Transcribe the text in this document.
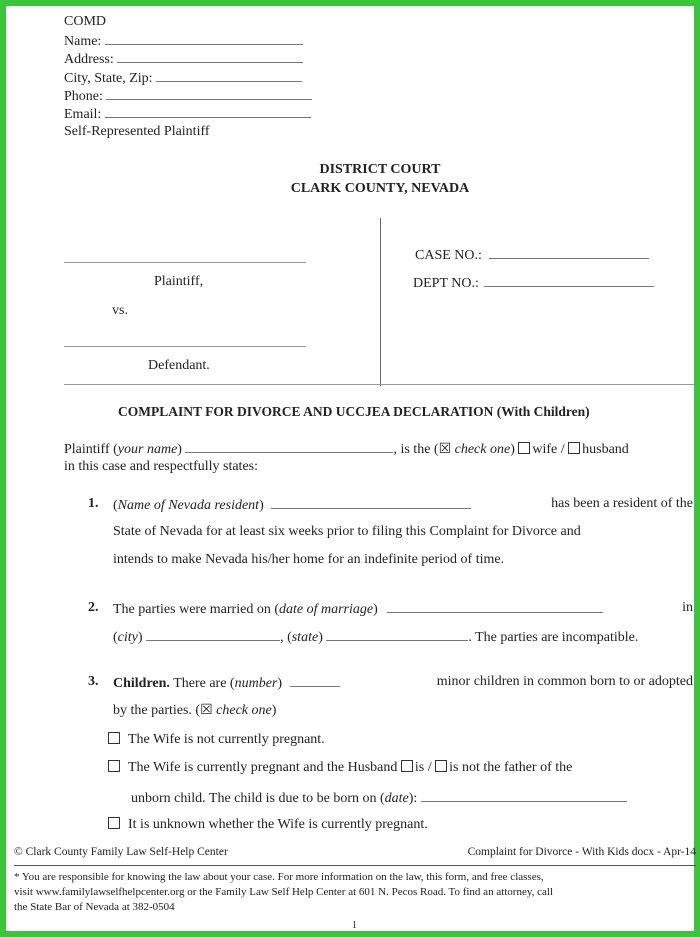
COMD
Name:
Address:
City, State, Zip:
Phone:
Email:
Self-Represented Plaintiff
DISTRICT COURT
CLARK COUNTY, NEVADA
Plaintiff,
vs.
Defendant.
CASE NO.:
DEPT NO.:
COMPLAINT FOR DIVORCE AND UCCJEA DECLARATION (With Children)
Plaintiff (your name)	, is the (☒ check one) wife / husband
in this case and respectfully states:
1. (Name of Nevada resident)	has been a resident of the
State of Nevada for at least six weeks prior to filing this Complaint for Divorce and
intends to make Nevada his/her home for an indefinite period of time.
2. The parties were married on (date of marriage)	in
(city)	, (state)	. The parties are incompatible.
3. Children. There are (number)	minor children in common born to or adopted
by the parties. (☒ check one)
The Wife is not currently pregnant.
The Wife is currently pregnant and the Husband is / is not the father of the
unborn child. The child is due to be born on (date):
It is unknown whether the Wife is currently pregnant.
© Clark County Family Law Self-Help Center	Complaint for Divorce - With Kids docx - Apr-14
* You are responsible for knowing the law about your case. For more information on the law, this form, and free classes,
visit www.familylawselfhelpcenter.org or the Family Law Self Help Center at 601 N. Pecos Road. To find an attorney, call
the State Bar of Nevada at 382-0504
1
